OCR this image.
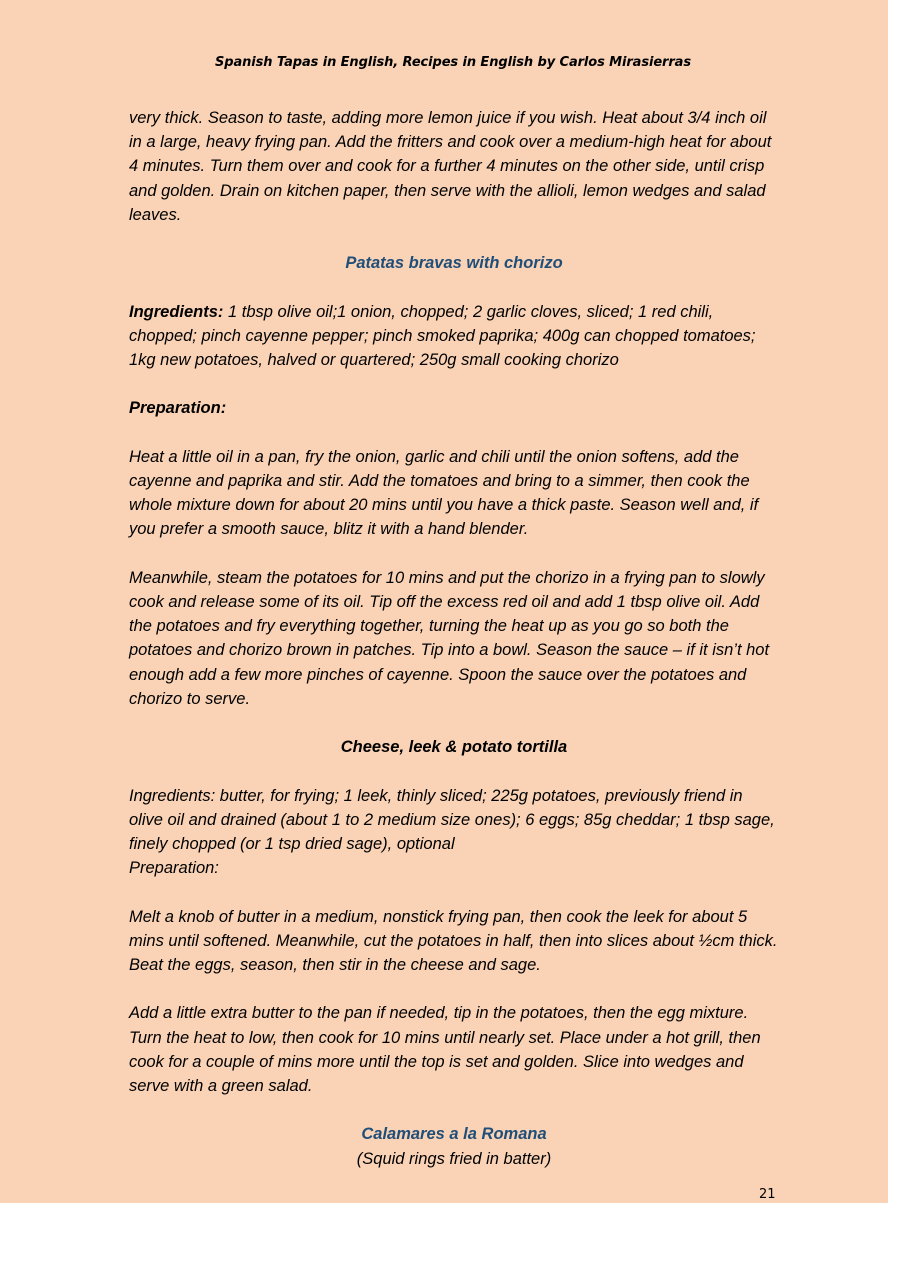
Spanish Tapas in English, Recipes in English by Carlos Mirasierras

very thick. Season to taste, adding more lemon juice if you wish. Heat about 3/4 inch oil in a large, heavy frying pan. Add the fritters and cook over a medium-high heat for about 4 minutes. Turn them over and cook for a further 4 minutes on the other side, until crisp and golden. Drain on kitchen paper, then serve with the allioli, lemon wedges and salad leaves.

Patatas bravas with chorizo

Ingredients: 1 tbsp olive oil;1 onion, chopped; 2 garlic cloves, sliced; 1 red chili, chopped; pinch cayenne pepper; pinch smoked paprika; 400g can chopped tomatoes; 1kg new potatoes, halved or quartered; 250g small cooking chorizo

Preparation:

Heat a little oil in a pan, fry the onion, garlic and chili until the onion softens, add the cayenne and paprika and stir. Add the tomatoes and bring to a simmer, then cook the whole mixture down for about 20 mins until you have a thick paste. Season well and, if you prefer a smooth sauce, blitz it with a hand blender.

Meanwhile, steam the potatoes for 10 mins and put the chorizo in a frying pan to slowly cook and release some of its oil. Tip off the excess red oil and add 1 tbsp olive oil. Add the potatoes and fry everything together, turning the heat up as you go so both the potatoes and chorizo brown in patches. Tip into a bowl. Season the sauce – if it isn’t hot enough add a few more pinches of cayenne. Spoon the sauce over the potatoes and chorizo to serve.

Cheese, leek & potato tortilla

Ingredients: butter, for frying; 1 leek, thinly sliced; 225g potatoes, previously friend in olive oil and drained (about 1 to 2 medium size ones); 6 eggs; 85g cheddar; 1 tbsp sage, finely chopped (or 1 tsp dried sage), optional

Preparation:

Melt a knob of butter in a medium, nonstick frying pan, then cook the leek for about 5 mins until softened. Meanwhile, cut the potatoes in half, then into slices about ½cm thick. Beat the eggs, season, then stir in the cheese and sage.

Add a little extra butter to the pan if needed, tip in the potatoes, then the egg mixture. Turn the heat to low, then cook for 10 mins until nearly set. Place under a hot grill, then cook for a couple of mins more until the top is set and golden. Slice into wedges and serve with a green salad.

Calamares a la Romana

(Squid rings fried in batter)

21
